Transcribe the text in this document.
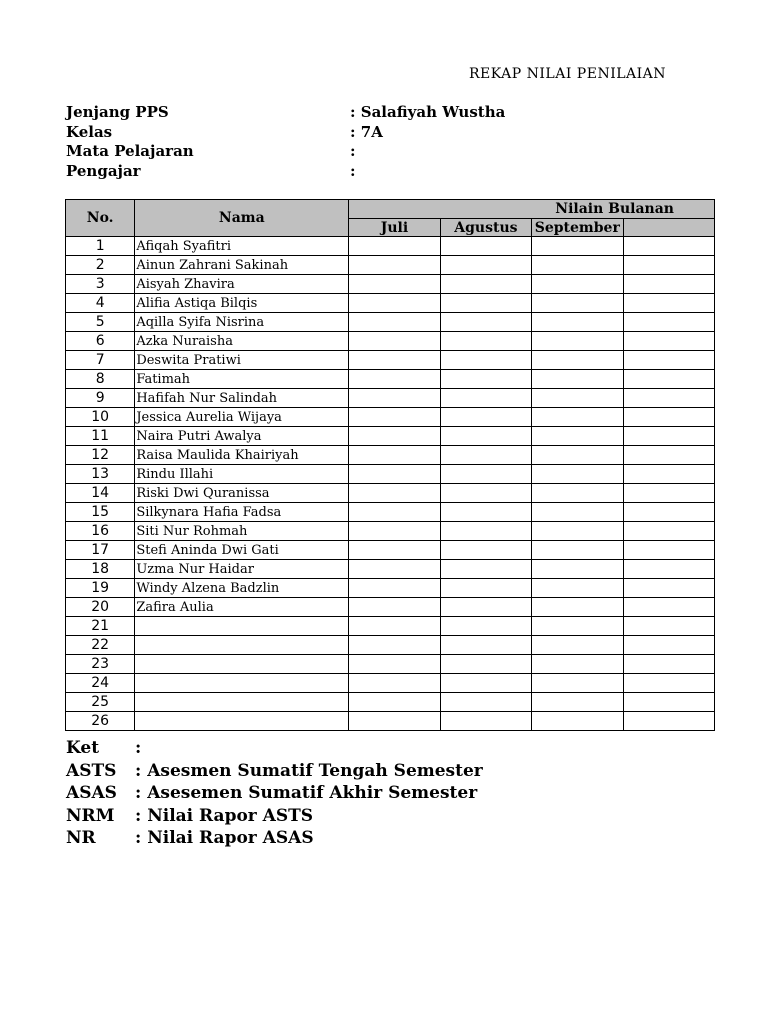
REKAP NILAI PENILAIAN
Jenjang PPS	: Salafiyah Wustha
Kelas	: 7A
Mata Pelajaran	:
Pengajar	:
No.	Nama	Nilain Bulanan			
		Juli	Agustus	September	
1	Afiqah Syafitri				
2	Ainun Zahrani Sakinah				
3	Aisyah Zhavira				
4	Alifia Astiqa Bilqis				
5	Aqilla Syifa Nisrina				
6	Azka Nuraisha				
7	Deswita Pratiwi				
8	Fatimah				
9	Hafifah Nur Salindah				
10	Jessica Aurelia Wijaya				
11	Naira Putri Awalya				
12	Raisa Maulida Khairiyah				
13	Rindu Illahi				
14	Riski Dwi Quranissa				
15	Silkynara Hafia Fadsa				
16	Siti Nur Rohmah				
17	Stefi Aninda Dwi Gati				
18	Uzma Nur Haidar				
19	Windy Alzena Badzlin				
20	Zafira Aulia				
21					
22					
23					
24					
25					
26					
Ket :
ASTS : Asesmen Sumatif Tengah Semester
ASAS : Asesemen Sumatif Akhir Semester
NRM : Nilai Rapor ASTS
NR : Nilai Rapor ASAS
